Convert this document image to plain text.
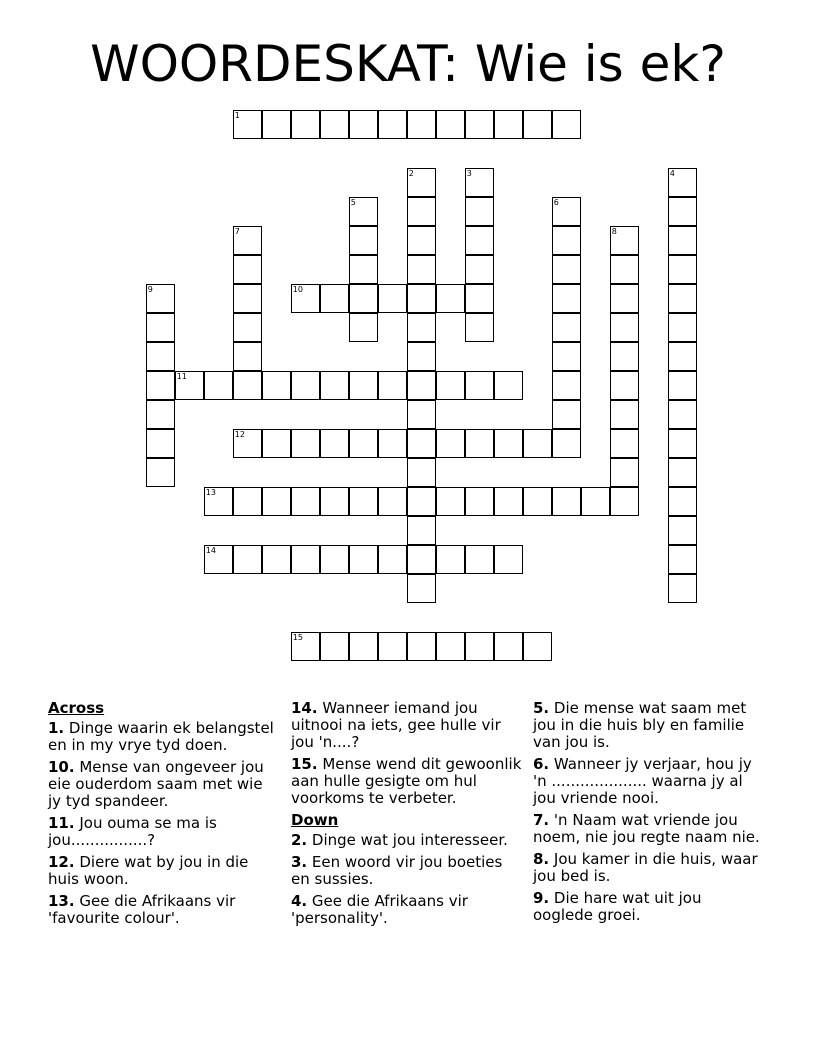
WOORDESKAT: Wie is ek?
1
10
11
12
13
14
15
2	3	4
5	6
7	8
9
Across
1. Dinge waarin ek belangstel en in my vrye tyd doen.
10. Mense van ongeveer jou eie ouderdom saam met wie jy tyd spandeer.
11. Jou ouma se ma is jou................?
12. Diere wat by jou in die huis woon.
13. Gee die Afrikaans vir 'favourite colour'.
14. Wanneer iemand jou uitnooi na iets, gee hulle vir jou 'n....?
15. Mense wend dit gewoonlik aan hulle gesigte om hul voorkoms te verbeter.
Down
2. Dinge wat jou interesseer.
3. Een woord vir jou boeties en sussies.
4. Gee die Afrikaans vir 'personality'.
5. Die mense wat saam met jou in die huis bly en familie van jou is.
6. Wanneer jy verjaar, hou jy 'n .................... waarna jy al jou vriende nooi.
7. 'n Naam wat vriende jou noem, nie jou regte naam nie.
8. Jou kamer in die huis, waar jou bed is.
9. Die hare wat uit jou ooglede groei.
